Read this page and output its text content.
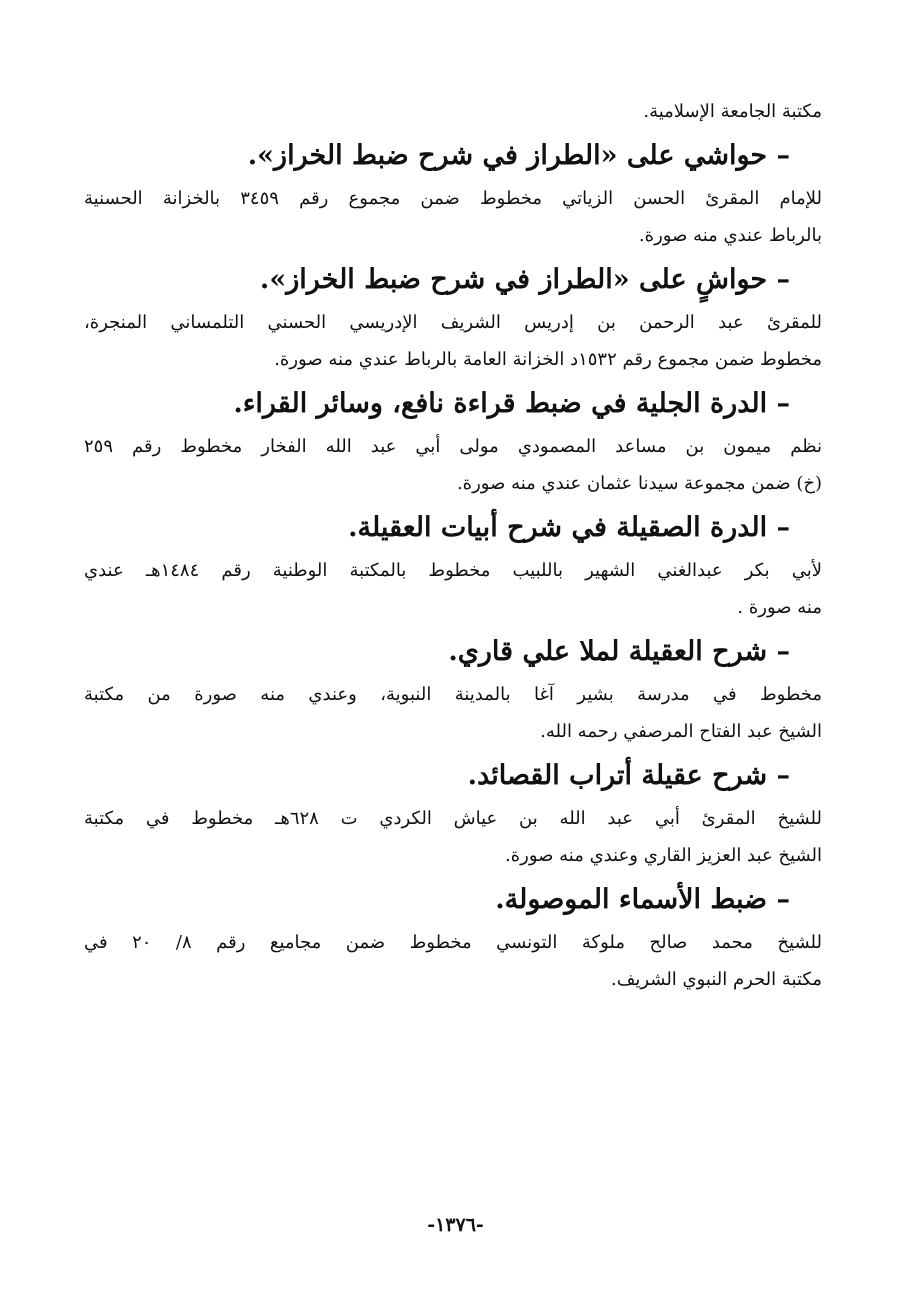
مكتبة الجامعة الإسلامية.
– حواشي على «الطراز في شرح ضبط الخراز».
للإمام المقرئ الحسن الزياتي مخطوط ضمن مجموع رقم ٣٤٥٩ بالخزانة الحسنية
بالرباط عندي منه صورة.
– حواشٍ على «الطراز في شرح ضبط الخراز».
للمقرئ عبد الرحمن بن إدريس الشريف الإدريسي الحسني التلمساني المنجرة،
مخطوط ضمن مجموع رقم ١٥٣٢د الخزانة العامة بالرباط عندي منه صورة.
– الدرة الجلية في ضبط قراءة نافع، وسائر القراء.
نظم ميمون بن مساعد المصمودي مولى أبي عبد الله الفخار مخطوط رقم ٢٥٩
(خ) ضمن مجموعة سيدنا عثمان عندي منه صورة.
– الدرة الصقيلة في شرح أبيات العقيلة.
لأبي بكر عبدالغني الشهير باللبيب مخطوط بالمكتبة الوطنية رقم ١٤٨٤هـ عندي
منه صورة .
– شرح العقيلة لملا علي قاري.
مخطوط في مدرسة بشير آغا بالمدينة النبوية، وعندي منه صورة من مكتبة
الشيخ عبد الفتاح المرصفي رحمه الله.
– شرح عقيلة أتراب القصائد.
للشيخ المقرئ أبي عبد الله بن عياش الكردي ت ٦٢٨هـ مخطوط في مكتبة
الشيخ عبد العزيز القاري وعندي منه صورة.
– ضبط الأسماء الموصولة.
للشيخ محمد صالح ملوكة التونسي مخطوط ضمن مجاميع رقم ٨/ ٢٠ في
مكتبة الحرم النبوي الشريف.
-١٣٧٦-
